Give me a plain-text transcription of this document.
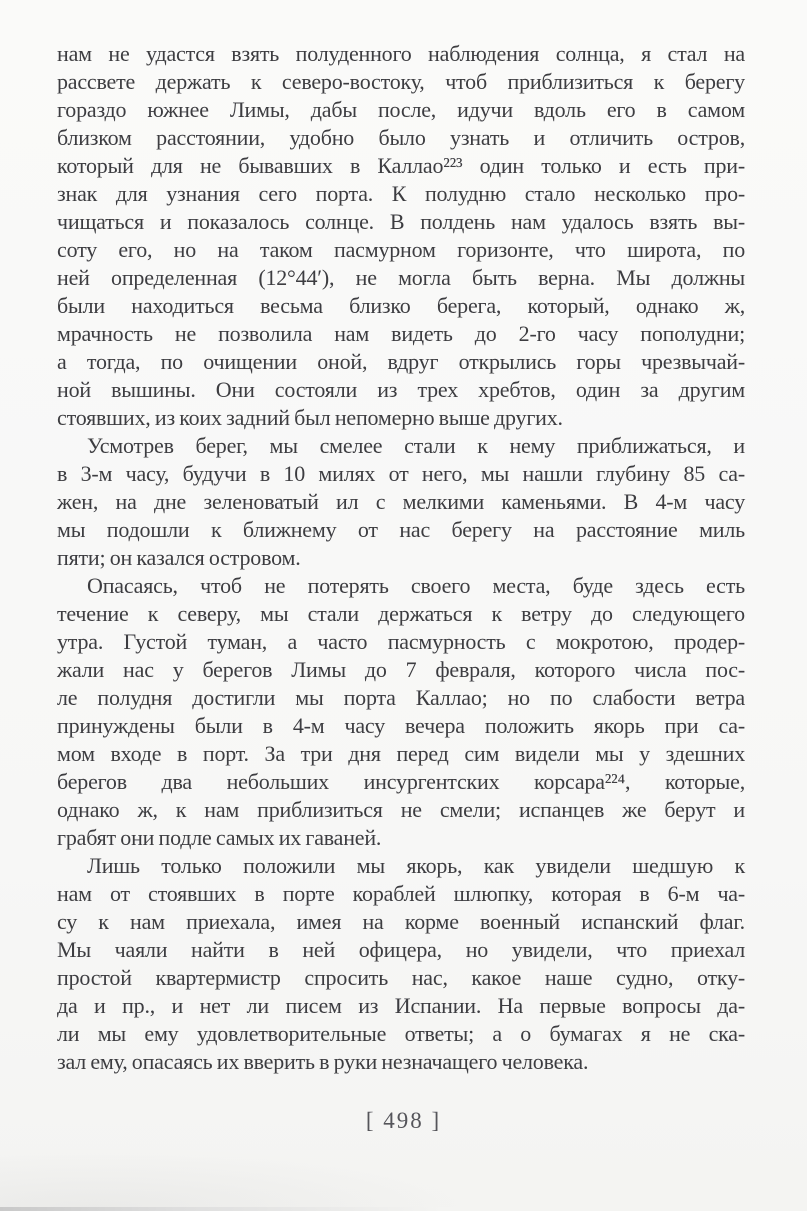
нам не удастся взять полуденного наблюдения солнца, я стал на
рассвете держать к северо-востоку, чтоб приблизиться к берегу
гораздо южнее Лимы, дабы после, идучи вдоль его в самом
близком расстоянии, удобно было узнать и отличить остров,
который для не бывавших в Каллао²²³ один только и есть при-
знак для узнания сего порта. К полудню стало несколько про-
чищаться и показалось солнце. В полдень нам удалось взять вы-
соту его, но на таком пасмурном горизонте, что широта, по
ней определенная (12°44′), не могла быть верна. Мы должны
были находиться весьма близко берега, который, однако ж,
мрачность не позволила нам видеть до 2-го часу пополудни;
а тогда, по очищении оной, вдруг открылись горы чрезвычай-
ной вышины. Они состояли из трех хребтов, один за другим
стоявших, из коих задний был непомерно выше других.
Усмотрев берег, мы смелее стали к нему приближаться, и
в 3-м часу, будучи в 10 милях от него, мы нашли глубину 85 са-
жен, на дне зеленоватый ил с мелкими каменьями. В 4-м часу
мы подошли к ближнему от нас берегу на расстояние миль
пяти; он казался островом.
Опасаясь, чтоб не потерять своего места, буде здесь есть
течение к северу, мы стали держаться к ветру до следующего
утра. Густой туман, а часто пасмурность с мокротою, продер-
жали нас у берегов Лимы до 7 февраля, которого числа пос-
ле полудня достигли мы порта Каллао; но по слабости ветра
принуждены были в 4-м часу вечера положить якорь при са-
мом входе в порт. За три дня перед сим видели мы у здешних
берегов два небольших инсургентских корсара²²⁴, которые,
однако ж, к нам приблизиться не смели; испанцев же берут и
грабят они подле самых их гаваней.
Лишь только положили мы якорь, как увидели шедшую к
нам от стоявших в порте кораблей шлюпку, которая в 6-м ча-
су к нам приехала, имея на корме военный испанский флаг.
Мы чаяли найти в ней офицера, но увидели, что приехал
простой квартермистр спросить нас, какое наше судно, отку-
да и пр., и нет ли писем из Испании. На первые вопросы да-
ли мы ему удовлетворительные ответы; а о бумагах я не ска-
зал ему, опасаясь их вверить в руки незначащего человека.
[ 498 ]
